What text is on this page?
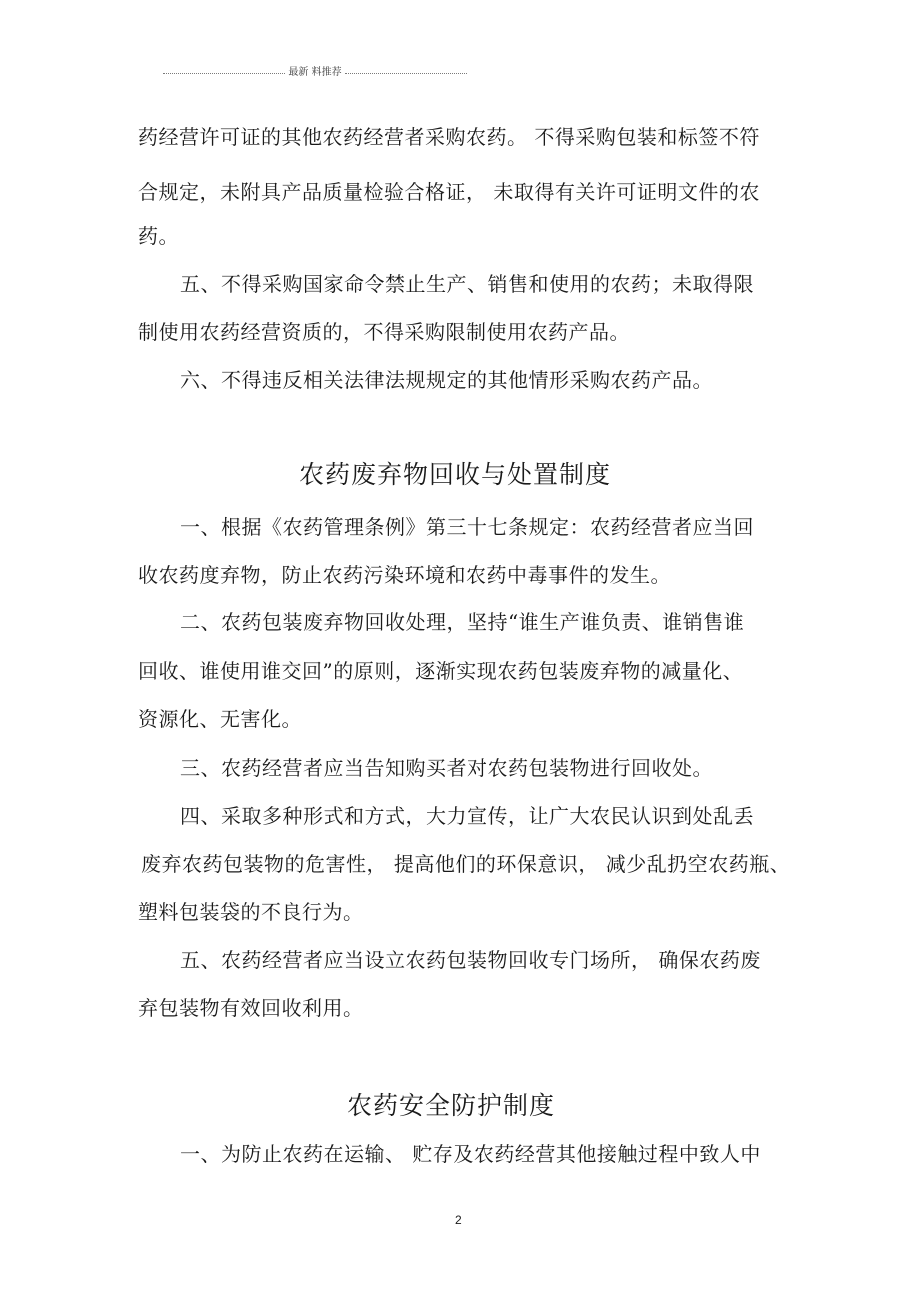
最新 料推荐
药经营许可证的其他农药经营者采购农药。 不得采购包装和标签不符
合规定，未附具产品质量检验合格证， 未取得有关许可证明文件的农
药。
五、不得采购国家命令禁止生产、销售和使用的农药；未取得限
制使用农药经营资质的，不得采购限制使用农药产品。
六、不得违反相关法律法规规定的其他情形采购农药产品。
农药废弃物回收与处置制度
一、根据《农药管理条例》第三十七条规定：农药经营者应当回
收农药度弃物，防止农药污染环境和农药中毒事件的发生。
二、农药包装废弃物回收处理，坚持“谁生产谁负责、谁销售谁
回收、谁使用谁交回”的原则，逐渐实现农药包装废弃物的减量化、
资源化、无害化。
三、农药经营者应当告知购买者对农药包装物进行回收处。
四、采取多种形式和方式，大力宣传，让广大农民认识到处乱丢
废弃农药包装物的危害性， 提高他们的环保意识， 减少乱扔空农药瓶、
塑料包装袋的不良行为。
五、农药经营者应当设立农药包装物回收专门场所， 确保农药废
弃包装物有效回收利用。
农药安全防护制度
一、为防止农药在运输、 贮存及农药经营其他接触过程中致人中
2
